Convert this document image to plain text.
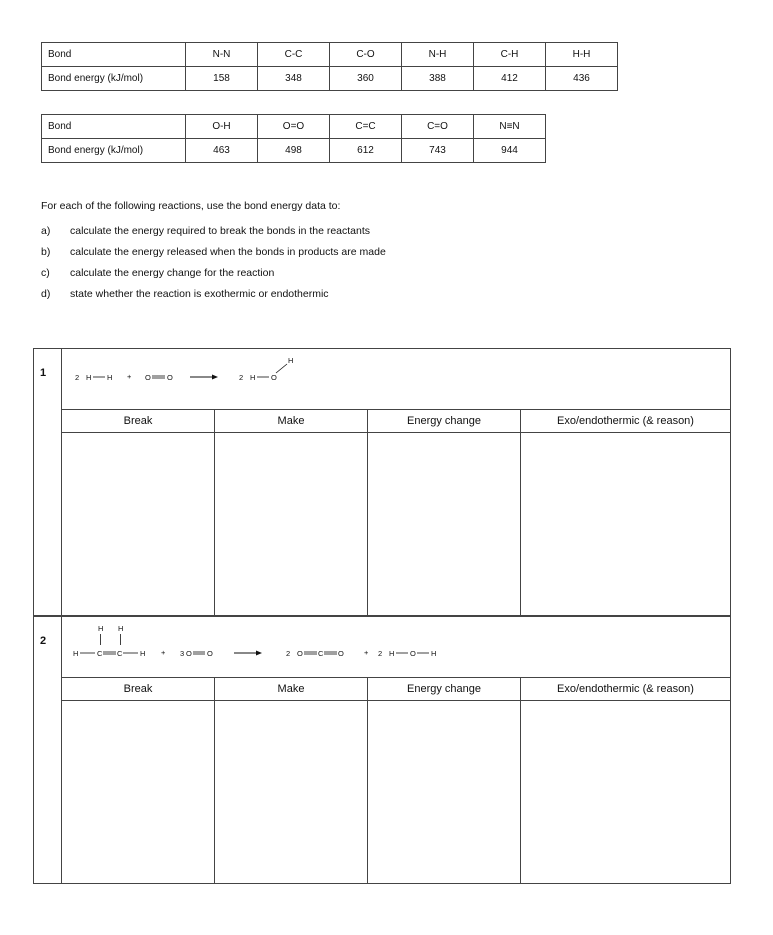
Bond	N-N	C-C	C-O	N-H	C-H	H-H
Bond energy (kJ/mol)	158	348	360	388	412	436
Bond	O-H	O=O	C=C	C=O	N≡N
Bond energy (kJ/mol)	463	498	612	743	944
For each of the following reactions, use the bond energy data to:
a)	calculate the energy required to break the bonds in the reactants
b)	calculate the energy released when the bonds in products are made
c)	calculate the energy change for the reaction
d)	state whether the reaction is exothermic or endothermic
1	2 H H + O O	2 H O
H
Break	Make	Energy change	Exo/endothermic (& reason)
2
H H
H C C H + 3 O O	2 O C O	+ 2 H O H
Break	Make	Energy change	Exo/endothermic (& reason)
